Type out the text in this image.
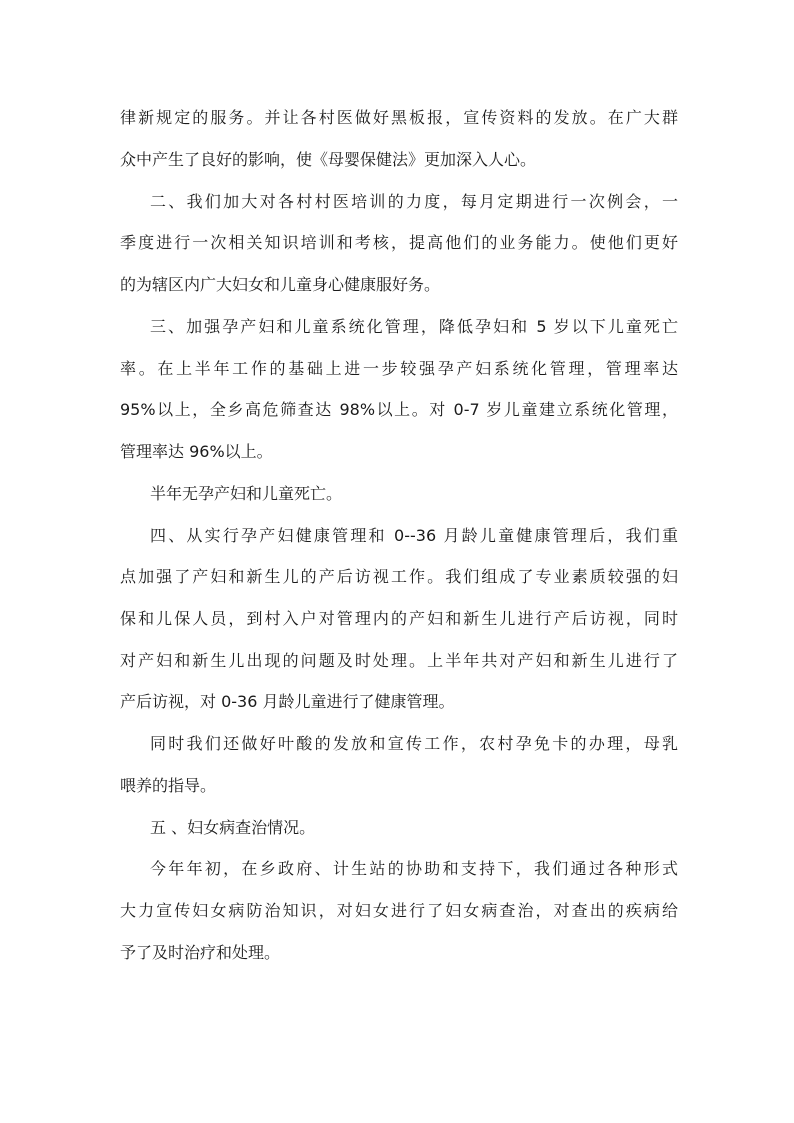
律新规定的服务。并让各村医做好黑板报，宣传资料的发放。在广大群

众中产生了良好的影响，使《母婴保健法》更加深入人心。

二、我们加大对各村村医培训的力度，每月定期进行一次例会，一

季度进行一次相关知识培训和考核，提高他们的业务能力。使他们更好

的为辖区内广大妇女和儿童身心健康服好务。

三、加强孕产妇和儿童系统化管理，降低孕妇和 5 岁以下儿童死亡

率。在上半年工作的基础上进一步较强孕产妇系统化管理，管理率达

95%以上，全乡高危筛查达 98%以上。对 0-7 岁儿童建立系统化管理，

管理率达 96%以上。

半年无孕产妇和儿童死亡。

四、从实行孕产妇健康管理和 0--36 月龄儿童健康管理后，我们重

点加强了产妇和新生儿的产后访视工作。我们组成了专业素质较强的妇

保和儿保人员，到村入户对管理内的产妇和新生儿进行产后访视，同时

对产妇和新生儿出现的问题及时处理。上半年共对产妇和新生儿进行了

产后访视，对 0-36 月龄儿童进行了健康管理。

同时我们还做好叶酸的发放和宣传工作，农村孕免卡的办理，母乳

喂养的指导。

五 、妇女病查治情况。

今年年初，在乡政府、计生站的协助和支持下，我们通过各种形式

大力宣传妇女病防治知识，对妇女进行了妇女病查治，对查出的疾病给

予了及时治疗和处理。
